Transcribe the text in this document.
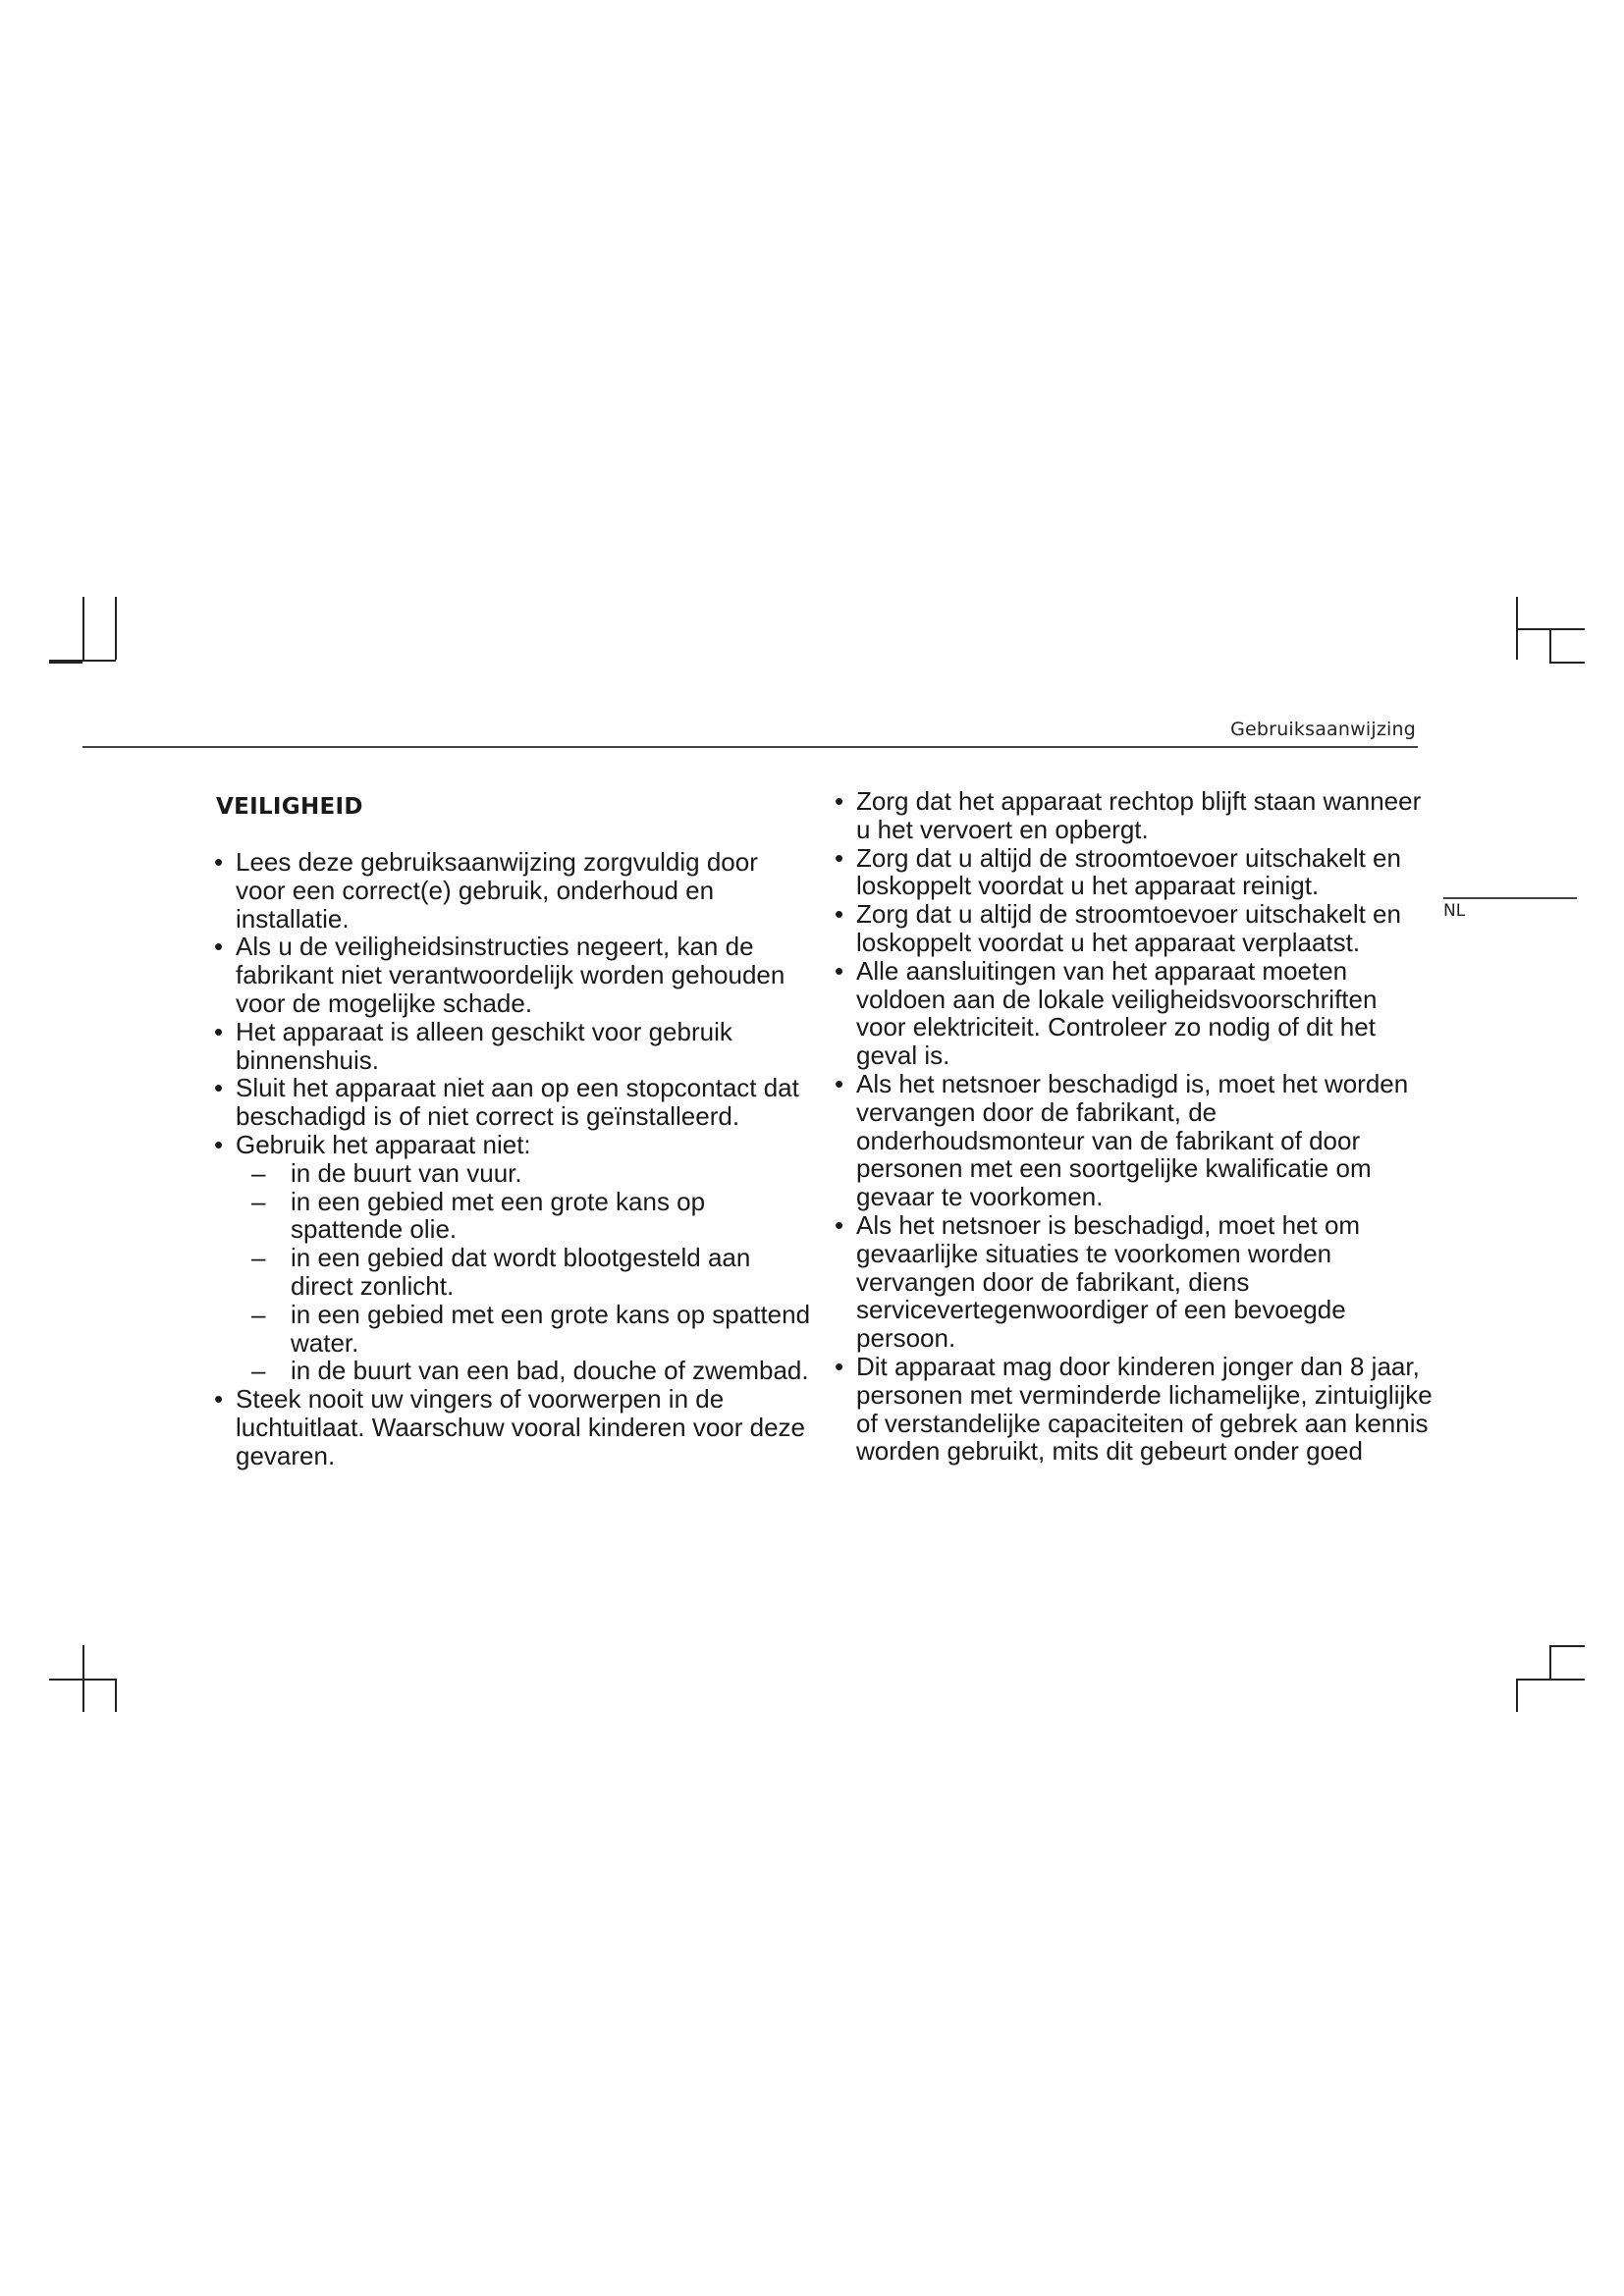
Gebruiksaanwijzing
NL
VEILIGHEID
• Lees deze gebruiksaanwijzing zorgvuldig door voor een correct(e) gebruik, onderhoud en installatie.
• Als u de veiligheidsinstructies negeert, kan de fabrikant niet verantwoordelijk worden gehouden voor de mogelijke schade.
• Het apparaat is alleen geschikt voor gebruik binnenshuis.
• Sluit het apparaat niet aan op een stopcontact dat beschadigd is of niet correct is geïnstalleerd.
• Gebruik het apparaat niet:
– in de buurt van vuur.
– in een gebied met een grote kans op spattende olie.
– in een gebied dat wordt blootgesteld aan direct zonlicht.
– in een gebied met een grote kans op spattend water.
– in de buurt van een bad, douche of zwembad.
• Steek nooit uw vingers of voorwerpen in de luchtuitlaat. Waarschuw vooral kinderen voor deze gevaren.
• Zorg dat het apparaat rechtop blijft staan wanneer u het vervoert en opbergt.
• Zorg dat u altijd de stroomtoevoer uitschakelt en loskoppelt voordat u het apparaat reinigt.
• Zorg dat u altijd de stroomtoevoer uitschakelt en loskoppelt voordat u het apparaat verplaatst.
• Alle aansluitingen van het apparaat moeten voldoen aan de lokale veiligheidsvoorschriften voor elektriciteit. Controleer zo nodig of dit het geval is.
• Als het netsnoer beschadigd is, moet het worden vervangen door de fabrikant, de onderhoudsmonteur van de fabrikant of door personen met een soortgelijke kwalificatie om gevaar te voorkomen.
• Als het netsnoer is beschadigd, moet het om gevaarlijke situaties te voorkomen worden vervangen door de fabrikant, diens servicevertegenwoordiger of een bevoegde persoon.
• Dit apparaat mag door kinderen jonger dan 8 jaar, personen met verminderde lichamelijke, zintuiglijke of verstandelijke capaciteiten of gebrek aan kennis worden gebruikt, mits dit gebeurt onder goed
